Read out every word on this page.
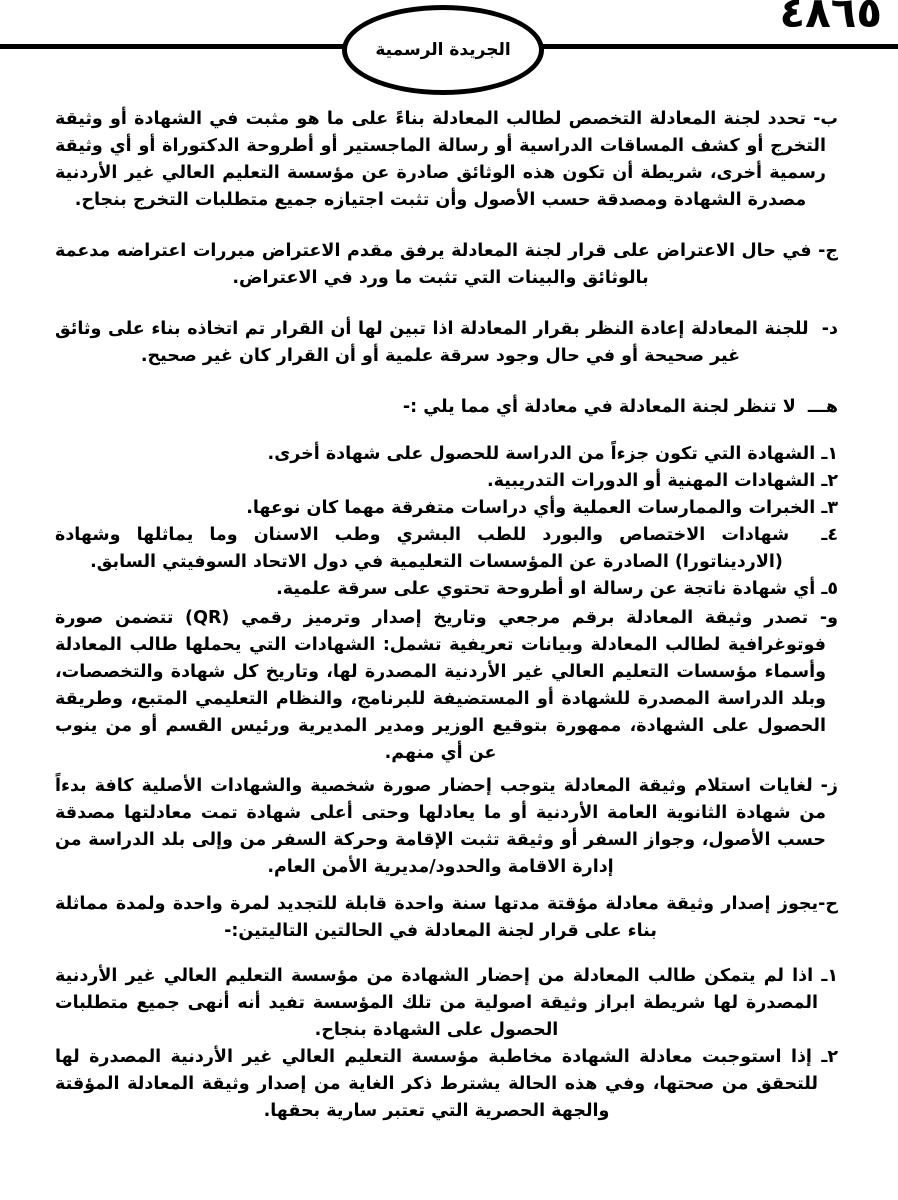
٤٨٦٥
الجريدة الرسمية

ب- تحدد لجنة المعادلة التخصص لطالب المعادلة بناءً على ما هو مثبت في الشهادة أو وثيقة التخرج أو كشف المساقات الدراسية أو رسالة الماجستير أو أطروحة الدكتوراة أو أي وثيقة رسمية أخرى، شريطة أن تكون هذه الوثائق صادرة عن مؤسسة التعليم العالي غير الأردنية مصدرة الشهادة ومصدقة حسب الأصول وأن تثبت اجتيازه جميع متطلبات التخرج بنجاح.

ج- في حال الاعتراض على قرار لجنة المعادلة يرفق مقدم الاعتراض مبررات اعتراضه مدعمة بالوثائق والبينات التي تثبت ما ورد في الاعتراض.

د-  للجنة المعادلة إعادة النظر بقرار المعادلة اذا تبين لها أن القرار تم اتخاذه بناء على وثائق غير صحيحة أو في حال وجود سرقة علمية أو أن القرار كان غير صحيح.

هـــ  لا تنظر لجنة المعادلة في معادلة أي مما يلي :-

١ـ الشهادة التي تكون جزءاً من الدراسة للحصول على شهادة أخرى.

٢ـ الشهادات المهنية أو الدورات التدريبية.

٣ـ الخبرات والممارسات العملية وأي دراسات متفرقة مهما كان نوعها.

٤ـ  شهادات الاختصاص والبورد للطب البشري وطب الاسنان وما يماثلها وشهادة (الارديناتورا) الصادرة عن المؤسسات التعليمية في دول الاتحاد السوفيتي السابق.

٥ـ أي شهادة ناتجة عن رسالة او أطروحة تحتوي على سرقة علمية.

و- تصدر وثيقة المعادلة برقم مرجعي وتاريخ إصدار وترميز رقمي (QR) تتضمن صورة فوتوغرافية لطالب المعادلة وبيانات تعريفية تشمل: الشهادات التي يحملها طالب المعادلة وأسماء مؤسسات التعليم العالي غير الأردنية المصدرة لها، وتاريخ كل شهادة والتخصصات، وبلد الدراسة المصدرة للشهادة أو المستضيفة للبرنامج، والنظام التعليمي المتبع، وطريقة الحصول على الشهادة، ممهورة بتوقيع الوزير ومدير المديرية ورئيس القسم أو من ينوب عن أي منهم.

ز- لغايات استلام وثيقة المعادلة يتوجب إحضار صورة شخصية والشهادات الأصلية كافة بدءاً من شهادة الثانوية العامة الأردنية أو ما يعادلها وحتى أعلى شهادة تمت معادلتها مصدقة حسب الأصول، وجواز السفر أو وثيقة تثبت الإقامة وحركة السفر من وإلى بلد الدراسة من إدارة الاقامة والحدود/مديرية الأمن العام.

ح-يجوز إصدار وثيقة معادلة مؤقتة مدتها سنة واحدة قابلة للتجديد لمرة واحدة ولمدة مماثلة بناء على قرار لجنة المعادلة في الحالتين التاليتين:-

١ـ اذا لم يتمكن طالب المعادلة من إحضار الشهادة من مؤسسة التعليم العالي غير الأردنية المصدرة لها شريطة ابراز وثيقة اصولية من تلك المؤسسة تفيد أنه أنهى جميع متطلبات الحصول على الشهادة بنجاح.

٢ـ إذا استوجبت معادلة الشهادة مخاطبة مؤسسة التعليم العالي غير الأردنية المصدرة لها للتحقق من صحتها، وفي هذه الحالة يشترط ذكر الغاية من إصدار وثيقة المعادلة المؤقتة والجهة الحصرية التي تعتبر سارية بحقها.
